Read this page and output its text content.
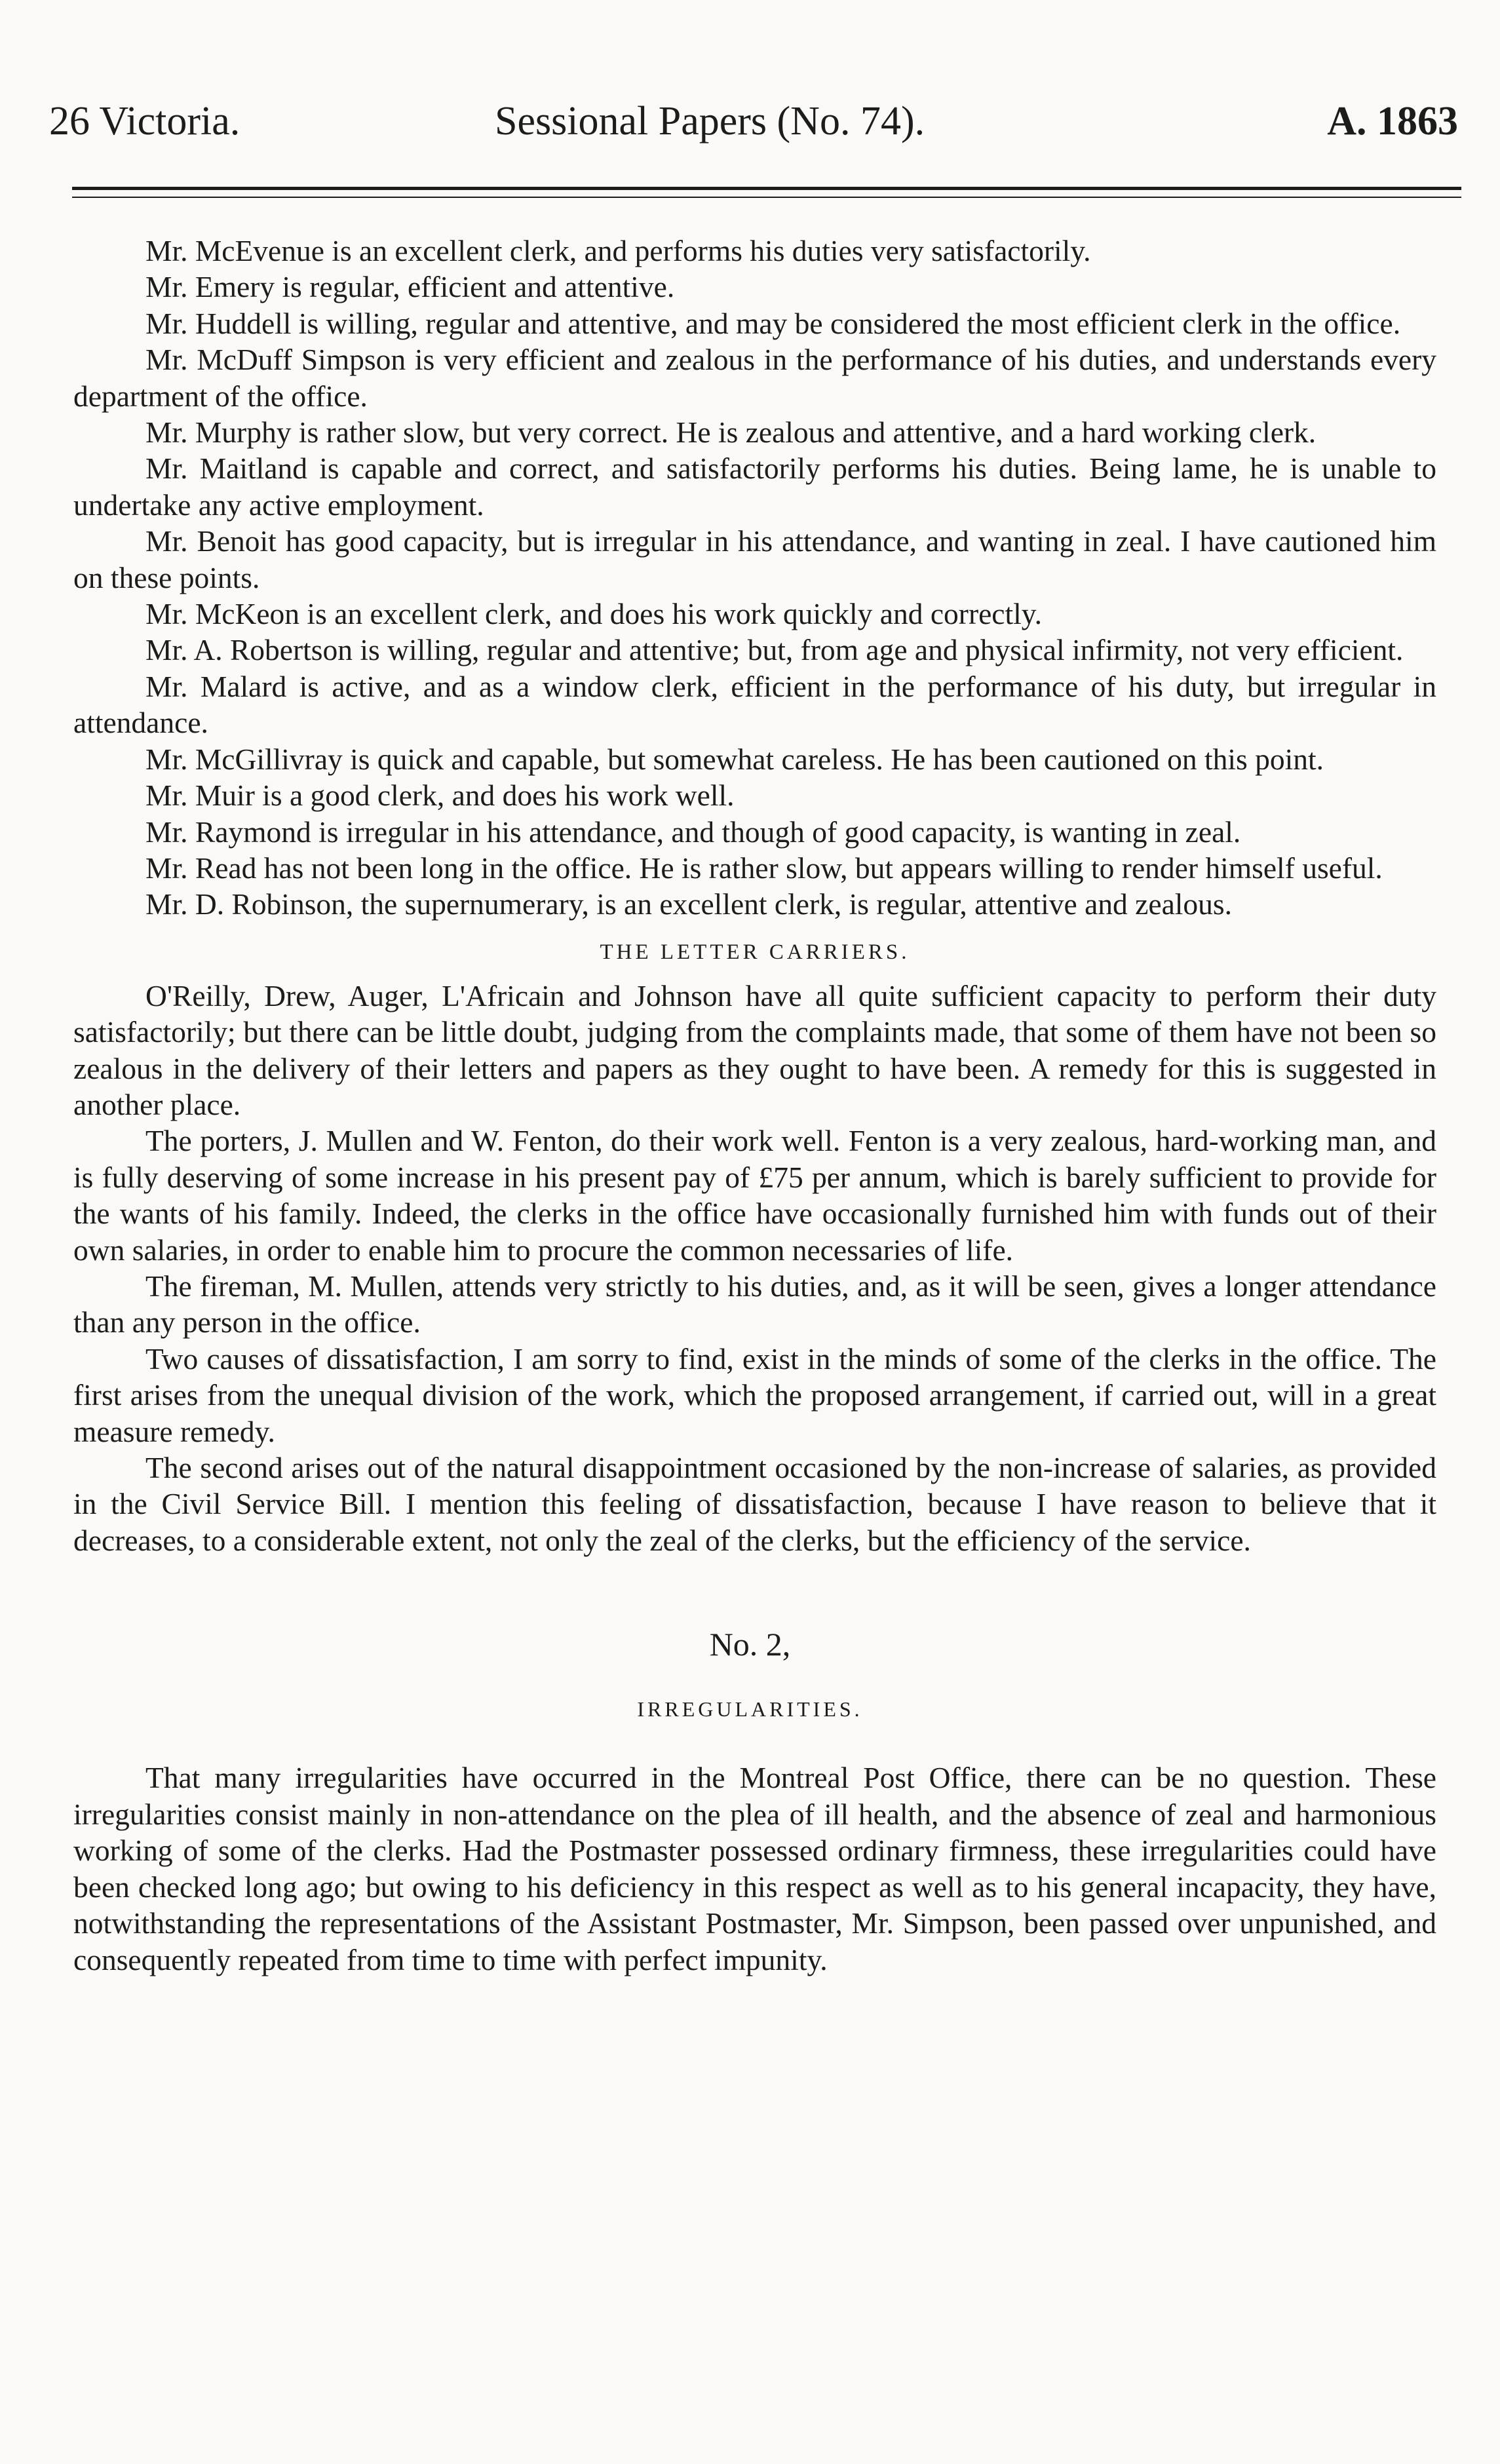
26 Victoria.	Sessional Papers (No. 74).	A. 1863

Mr. McEvenue is an excellent clerk, and performs his duties very satisfactorily.

Mr. Emery is regular, efficient and attentive.

Mr. Huddell is willing, regular and attentive, and may be considered the most efficient clerk in the office.

Mr. McDuff Simpson is very efficient and zealous in the performance of his duties, and understands every department of the office.

Mr. Murphy is rather slow, but very correct. He is zealous and attentive, and a hard working clerk.

Mr. Maitland is capable and correct, and satisfactorily performs his duties. Being lame, he is unable to undertake any active employment.

Mr. Benoit has good capacity, but is irregular in his attendance, and wanting in zeal. I have cautioned him on these points.

Mr. McKeon is an excellent clerk, and does his work quickly and correctly.

Mr. A. Robertson is willing, regular and attentive; but, from age and physical infirmity, not very efficient.

Mr. Malard is active, and as a window clerk, efficient in the performance of his duty, but irregular in attendance.

Mr. McGillivray is quick and capable, but somewhat careless. He has been cautioned on this point.

Mr. Muir is a good clerk, and does his work well.

Mr. Raymond is irregular in his attendance, and though of good capacity, is wanting in zeal.

Mr. Read has not been long in the office. He is rather slow, but appears willing to render himself useful.

Mr. D. Robinson, the supernumerary, is an excellent clerk, is regular, attentive and zealous.

THE LETTER CARRIERS.

O'Reilly, Drew, Auger, L'Africain and Johnson have all quite sufficient capacity to perform their duty satisfactorily; but there can be little doubt, judging from the complaints made, that some of them have not been so zealous in the delivery of their letters and papers as they ought to have been. A remedy for this is suggested in another place.

The porters, J. Mullen and W. Fenton, do their work well. Fenton is a very zealous, hard-working man, and is fully deserving of some increase in his present pay of £75 per annum, which is barely sufficient to provide for the wants of his family. Indeed, the clerks in the office have occasionally furnished him with funds out of their own salaries, in order to enable him to procure the common necessaries of life.

The fireman, M. Mullen, attends very strictly to his duties, and, as it will be seen, gives a longer attendance than any person in the office.

Two causes of dissatisfaction, I am sorry to find, exist in the minds of some of the clerks in the office. The first arises from the unequal division of the work, which the proposed arrangement, if carried out, will in a great measure remedy.

The second arises out of the natural disappointment occasioned by the non-increase of salaries, as provided in the Civil Service Bill. I mention this feeling of dissatisfaction, because I have reason to believe that it decreases, to a considerable extent, not only the zeal of the clerks, but the efficiency of the service.

No. 2,
IRREGULARITIES.

That many irregularities have occurred in the Montreal Post Office, there can be no question. These irregularities consist mainly in non-attendance on the plea of ill health, and the absence of zeal and harmonious working of some of the clerks. Had the Postmaster possessed ordinary firmness, these irregularities could have been checked long ago; but owing to his deficiency in this respect as well as to his general incapacity, they have, notwithstanding the representations of the Assistant Postmaster, Mr. Simpson, been passed over unpunished, and consequently repeated from time to time with perfect impunity.
